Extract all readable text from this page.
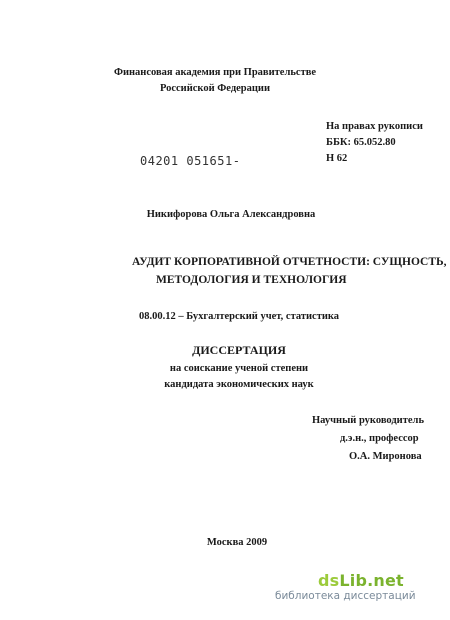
Финансовая академия при Правительстве
Российской Федерации
На правах рукописи
ББК: 65.052.80
Н 62
04201 051651-
Никифорова Ольга Александровна
АУДИТ КОРПОРАТИВНОЙ ОТЧЕТНОСТИ: СУЩНОСТЬ,
МЕТОДОЛОГИЯ И ТЕХНОЛОГИЯ
08.00.12 – Бухгалтерский учет, статистика
ДИССЕРТАЦИЯ
на соискание ученой степени
кандидата экономических наук
Научный руководитель
д.э.н., профессор
О.А. Миронова
Москва 2009
dsLib.net
библиотека диссертаций
